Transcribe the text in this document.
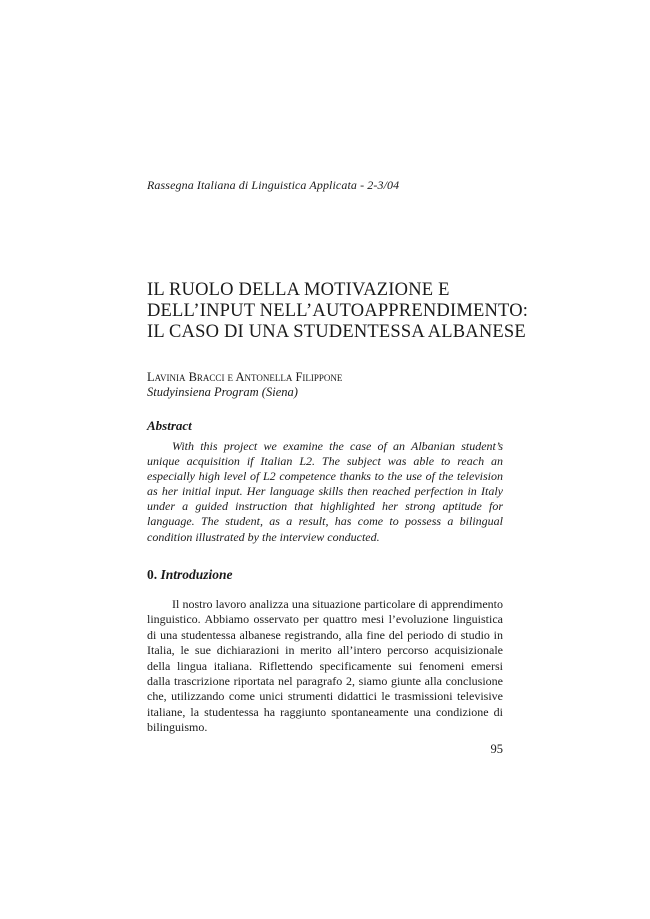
Rassegna Italiana di Linguistica Applicata - 2-3/04
IL RUOLO DELLA MOTIVAZIONE E
DELL’INPUT NELL’AUTOAPPRENDIMENTO:
IL CASO DI UNA STUDENTESSA ALBANESE
Lavinia Bracci e Antonella Filippone
Studyinsiena Program (Siena)
Abstract

With this project we examine the case of an Albanian student’s unique acquisition if Italian L2. The subject was able to reach an especially high level of L2 competence thanks to the use of the television as her initial input. Her language skills then reached perfection in Italy under a guided instruction that highlighted her strong aptitude for language. The student, as a result, has come to possess a bilingual condition illustrated by the interview conducted.

0. Introduzione

Il nostro lavoro analizza una situazione particolare di apprendimento linguistico. Abbiamo osservato per quattro mesi l’evoluzione linguistica di una studentessa albanese registrando, alla fine del periodo di studio in Italia, le sue dichiarazioni in merito all’intero percorso acquisizionale della lingua italiana. Riflettendo specificamente sui fenomeni emersi dalla trascrizione riportata nel paragrafo 2, siamo giunte alla conclusione che, utilizzando come unici strumenti didattici le trasmissioni televisive italiane, la studentessa ha raggiunto spontaneamente una condizione di bilinguismo.

95
